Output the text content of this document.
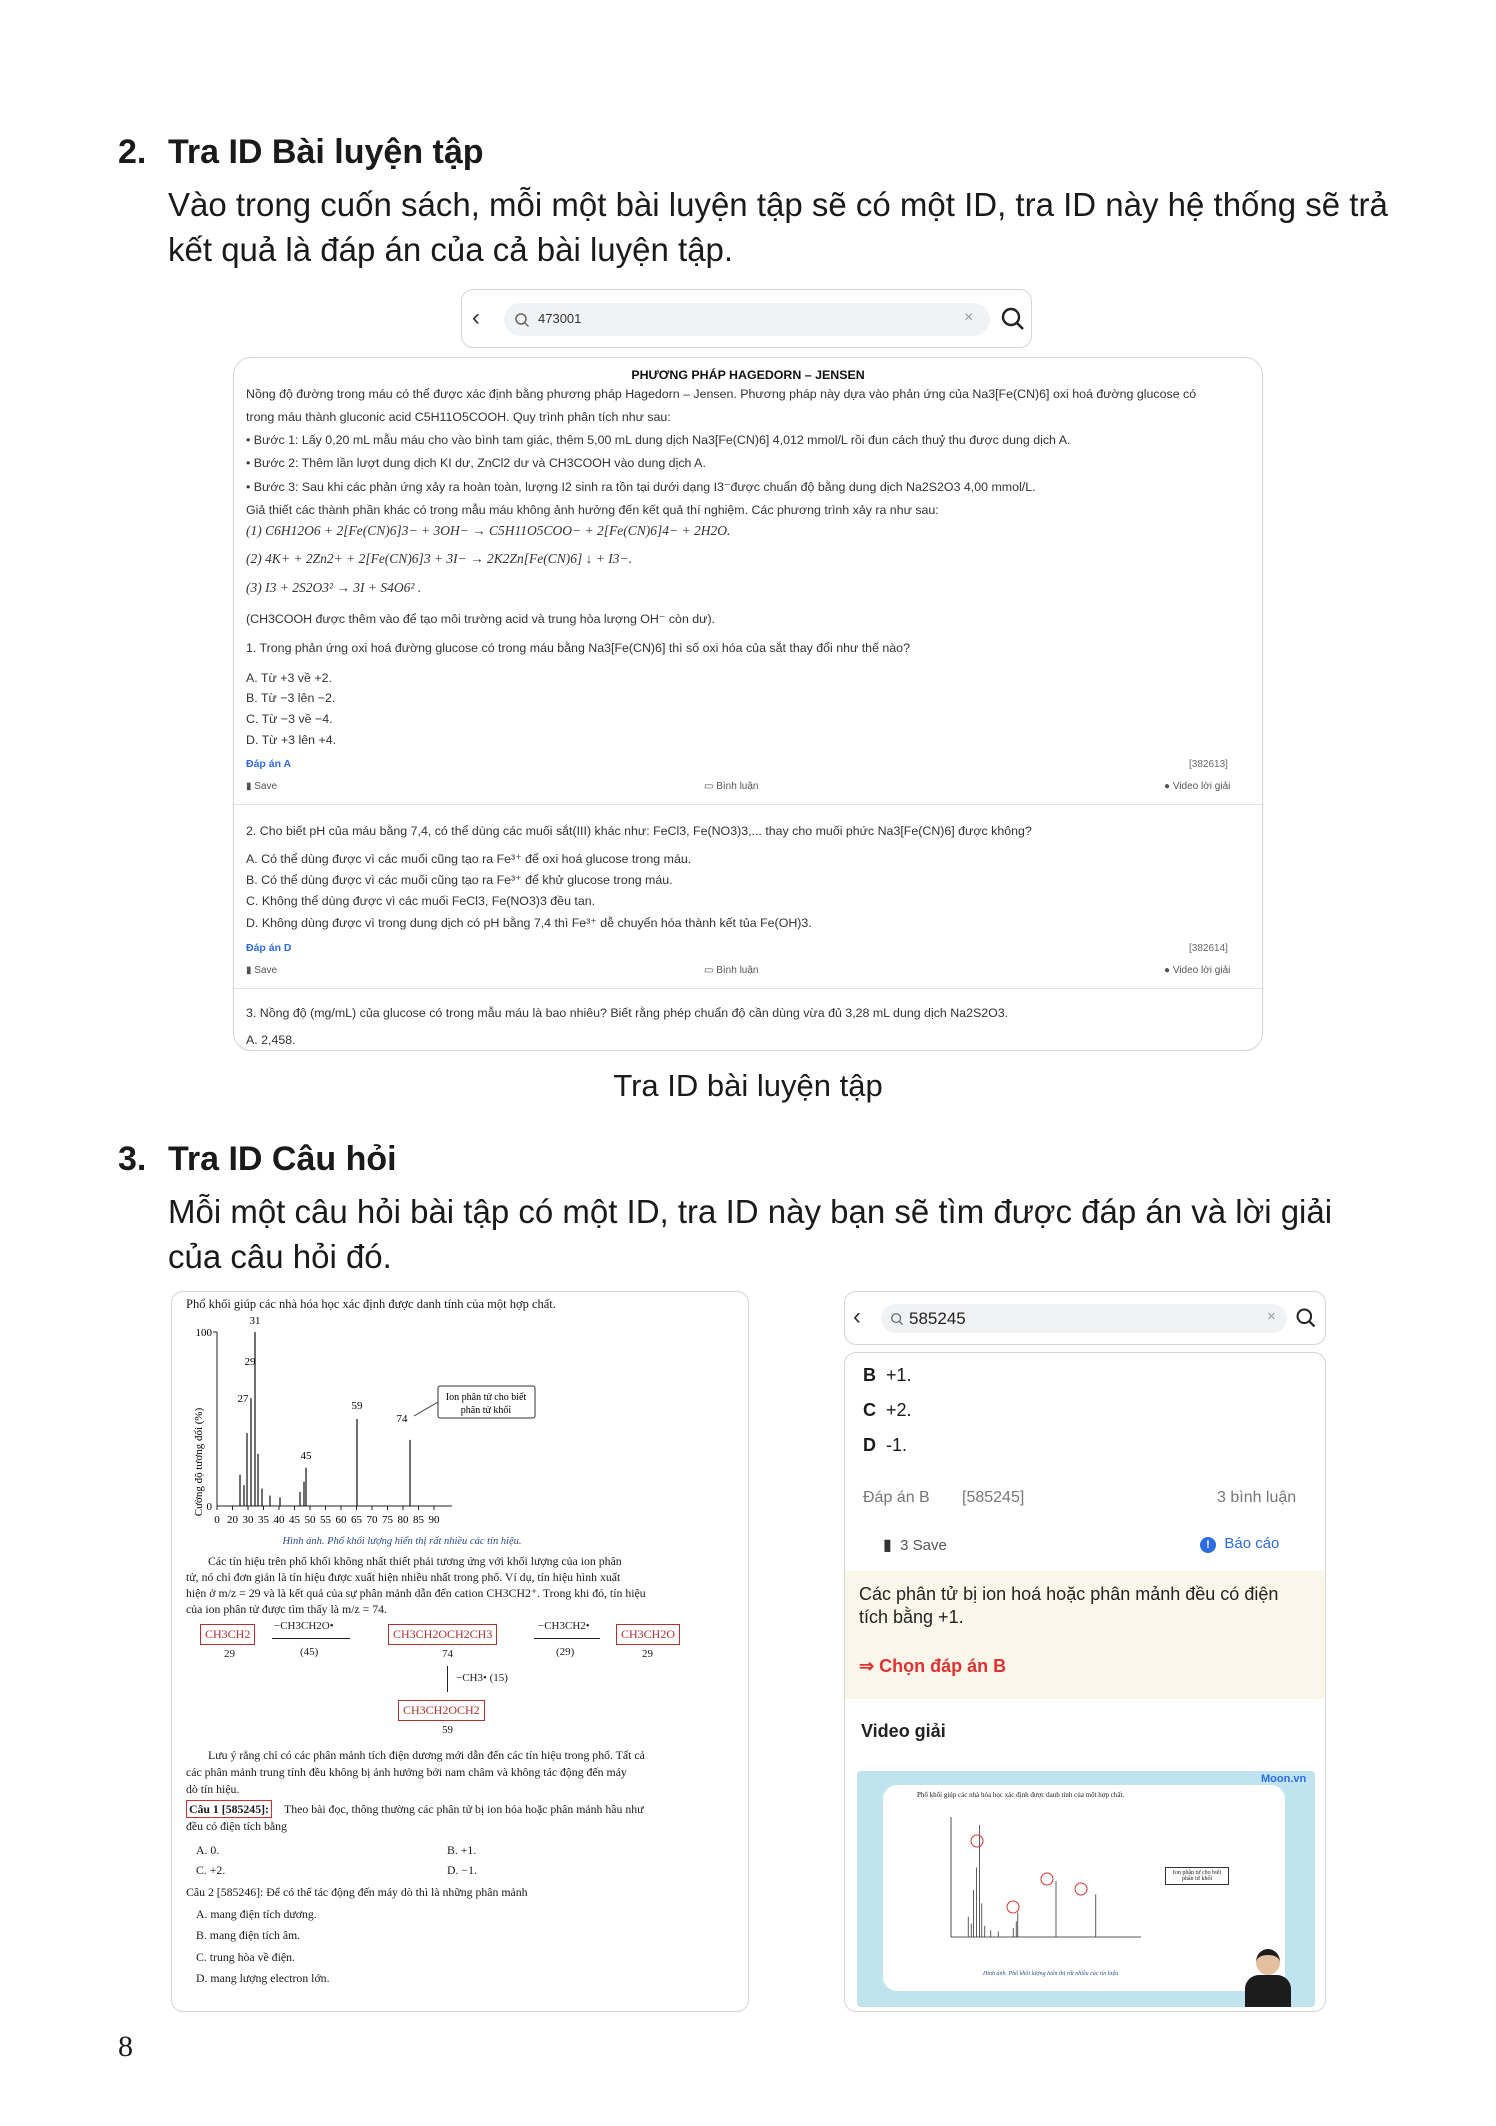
2. Tra ID Bài luyện tập
Vào trong cuốn sách, mỗi một bài luyện tập sẽ có một ID, tra ID này hệ thống sẽ trả
kết quả là đáp án của cả bài luyện tập.
‹	473001	×
PHƯƠNG PHÁP HAGEDORN – JENSEN
Nồng độ đường trong máu có thể được xác định bằng phương pháp Hagedorn – Jensen. Phương pháp này dựa vào phản ứng của Na3[Fe(CN)6] oxi hoá đường glucose có
trong máu thành gluconic acid C5H11O5COOH. Quy trình phân tích như sau:
• Bước 1: Lấy 0,20 mL mẫu máu cho vào bình tam giác, thêm 5,00 mL dung dịch Na3[Fe(CN)6] 4,012 mmol/L rồi đun cách thuỷ thu được dung dịch A.
• Bước 2: Thêm lần lượt dung dịch KI dư, ZnCl2 dư và CH3COOH vào dung dịch A.
• Bước 3: Sau khi các phản ứng xảy ra hoàn toàn, lượng I2 sinh ra tồn tại dưới dạng I3⁻được chuẩn độ bằng dung dịch Na2S2O3 4,00 mmol/L.
Giả thiết các thành phần khác có trong mẫu máu không ảnh hưởng đến kết quả thí nghiệm. Các phương trình xảy ra như sau:
(1) C6H12O6 + 2[Fe(CN)6]3− + 3OH− → C5H11O5COO− + 2[Fe(CN)6]4− + 2H2O.
(2) 4K+ + 2Zn2+ + 2[Fe(CN)6]3 + 3I− → 2K2Zn[Fe(CN)6] ↓ + I3−.
(3) I3 + 2S2O3² → 3I + S4O6² .
(CH3COOH được thêm vào để tạo môi trường acid và trung hòa lượng OH⁻ còn dư).
1. Trong phản ứng oxi hoá đường glucose có trong máu bằng Na3[Fe(CN)6] thì số oxi hóa của sắt thay đổi như thế nào?
A. Từ +3 về +2.
B. Từ −3 lên −2.
C. Từ −3 về −4.
D. Từ +3 lên +4.
Đáp án A	[382613]
▮ Save	▭ Bình luận	● Video lời giải
2. Cho biết pH của máu bằng 7,4, có thể dùng các muối sắt(III) khác như: FeCl3, Fe(NO3)3,... thay cho muối phức Na3[Fe(CN)6] được không?
A. Có thể dùng được vì các muối cũng tạo ra Fe³⁺ để oxi hoá glucose trong máu.
B. Có thể dùng được vì các muối cũng tạo ra Fe³⁺ để khử glucose trong máu.
C. Không thể dùng được vì các muối FeCl3, Fe(NO3)3 đều tan.
D. Không dùng được vì trong dung dịch có pH bằng 7,4 thì Fe³⁺ dễ chuyển hóa thành kết tủa Fe(OH)3.
Đáp án D	[382614]
▮ Save	▭ Bình luận	● Video lời giải
3. Nồng độ (mg/mL) của glucose có trong mẫu máu là bao nhiêu? Biết rằng phép chuẩn độ cần dùng vừa đủ 3,28 mL dung dịch Na2S2O3.
A. 2,458.
Tra ID bài luyện tập
3. Tra ID Câu hỏi
Mỗi một câu hỏi bài tập có một ID, tra ID này bạn sẽ tìm được đáp án và lời giải
của câu hỏi đó.
Phổ khối giúp các nhà hóa học xác định được danh tính của một hợp chất.
Cường độ tương đối (%)
100
0
0 20 30 35 40 45 50 55 60 65 70 75 80 85 90
31
29
27
59
45
74
Ion phân tử cho biết
phân tử khối
Hình ảnh. Phổ khối lượng hiển thị rất nhiều các tín hiệu.
Các tín hiệu trên phổ khối không nhất thiết phải tương ứng với khối lượng của ion phân
tử, nó chỉ đơn giản là tín hiệu được xuất hiện nhiều nhất trong phổ. Ví dụ, tín hiệu hình xuất
hiện ở m/z = 29 và là kết quả của sự phân mảnh dẫn đến cation CH3CH2⁺. Trong khi đó, tín hiệu
của ion phân tử được tìm thấy là m/z = 74.
CH3CH2
29
−CH3CH2O•
(45)
CH3CH2OCH2CH3
74
−CH3CH2•
(29)
CH3CH2O
29
−CH3• (15)
CH3CH2OCH2
59
Lưu ý rằng chỉ có các phân mảnh tích điện dương mới dẫn đến các tín hiệu trong phổ. Tất cả
các phân mảnh trung tính đều không bị ảnh hưởng bởi nam châm và không tác động đến máy
dò tín hiệu.
Câu 1 [585245]: Theo bài đọc, thông thường các phân tử bị ion hóa hoặc phân mảnh hầu như
đều có điện tích bằng
A. 0.	B. +1.
C. +2.	D. −1.
Câu 2 [585246]: Để có thể tác động đến máy dò thì là những phân mảnh
A. mang điện tích dương.
B. mang điện tích âm.
C. trung hòa về điện.
D. mang lượng electron lớn.
‹	585245	×
B +1.
C +2.
D -1.
Đáp án B [585245]	3 bình luận
▮ 3 Save	! Báo cáo
Các phân tử bị ion hoá hoặc phân mảnh đều có điện tích bằng +1.
⇒ Chọn đáp án B
Video giải
Phổ khối giúp các nhà hóa học xác định được danh tính của một hợp chất.
Ion phân tử cho biết phân tử khối
Hình ảnh. Phổ khối lượng hiển thị rất nhiều các tín hiệu
Moon.vn
8
